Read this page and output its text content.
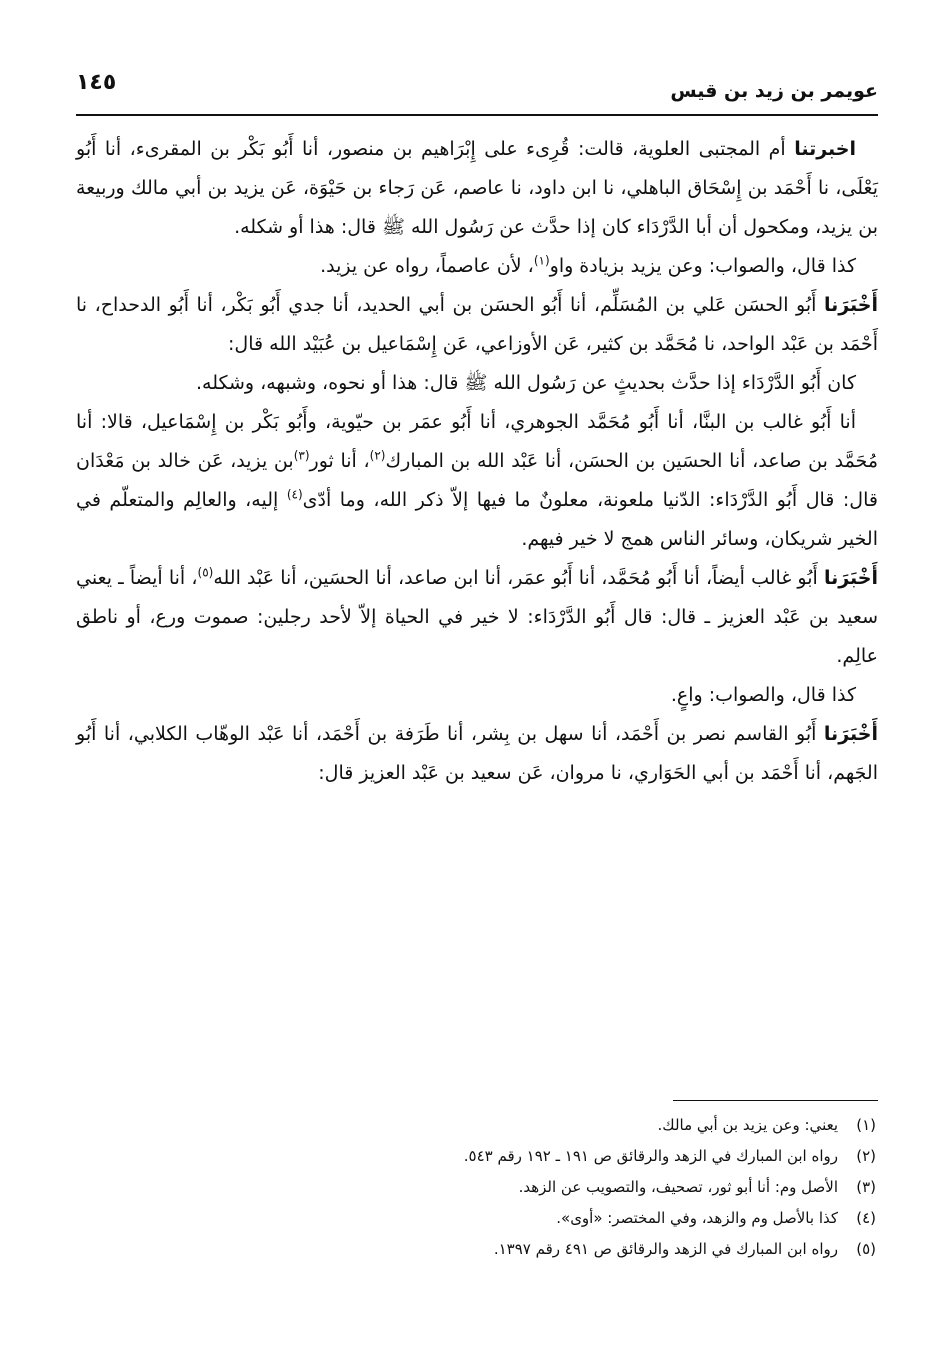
عويمر بن زيد بن قيس
١٤٥

اخبرتنا أم المجتبى العلوية، قالت: قُرِىء على إِبْرَاهيم بن منصور، أنا أَبُو بَكْر بن المقرىء، أنا أَبُو يَعْلَى، نا أَحْمَد بن إِسْحَاق الباهلي، نا ابن داود، نا عاصم، عَن رَجاء بن حَيْوَة، عَن يزيد بن أبي مالك وربيعة بن يزيد، ومكحول أن أبا الدَّرْدَاء كان إذا حدَّث عن رَسُول الله ﷺ قال: هذا أو شكله.

كذا قال، والصواب: وعن يزيد بزيادة واو$^{(١)}$، لأن عاصماً، رواه عن يزيد.

أَخْبَرَنا أَبُو الحسَن عَلي بن المُسَلِّم، أنا أَبُو الحسَن بن أبي الحديد، أنا جدي أَبُو بَكْر، أنا أَبُو الدحداح، نا أَحْمَد بن عَبْد الواحد، نا مُحَمَّد بن كثير، عَن الأوزاعي، عَن إِسْمَاعيل بن عُبَيْد الله قال:

كان أَبُو الدَّرْدَاء إذا حدَّث بحديثٍ عن رَسُول الله ﷺ قال: هذا أو نحوه، وشبهه، وشكله.

أنا أَبُو غالب بن البنَّا، أنا أَبُو مُحَمَّد الجوهري، أنا أَبُو عمَر بن حيّوية، وأَبُو بَكْر بن إِسْمَاعيل، قالا: أنا مُحَمَّد بن صاعد، أنا الحسَين بن الحسَن، أنا عَبْد الله بن المبارك$^{(٢)}$، أنا ثور$^{(٣)}$بن يزيد، عَن خالد بن مَعْدَان قال: قال أَبُو الدَّرْدَاء: الدّنيا ملعونة، معلونٌ ما فيها إلاّ ذكر الله، وما أدّى$^{(٤)}$ إليه، والعالِم والمتعلّم في الخير شريكان، وسائر الناس همج لا خير فيهم.

أَخْبَرَنا أَبُو غالب أيضاً، أنا أَبُو مُحَمَّد، أنا أَبُو عمَر، أنا ابن صاعد، أنا الحسَين، أنا عَبْد الله$^{(٥)}$، أنا أيضاً ـ يعني سعيد بن عَبْد العزيز ـ قال: قال أَبُو الدَّرْدَاء: لا خير في الحياة إلاّ لأحد رجلين: صموت ورع، أو ناطق عالِم.

كذا قال، والصواب: واعٍ.

أَخْبَرَنا أَبُو القاسم نصر بن أَحْمَد، أنا سهل بن بِشر، أنا طَرَفة بن أَحْمَد، أنا عَبْد الوهّاب الكلابي، أنا أَبُو الجَهم، أنا أَحْمَد بن أبي الحَوَاري، نا مروان، عَن سعيد بن عَبْد العزيز قال:

(١)
يعني: وعن يزيد بن أبي مالك.
(٢)
رواه ابن المبارك في الزهد والرقائق ص ١٩١ ـ ١٩٢ رقم ٥٤٣.
(٣)
الأصل وم: أنا أبو ثور، تصحيف، والتصويب عن الزهد.
(٤)
كذا بالأصل وم والزهد، وفي المختصر: «أوى».
(٥)
رواه ابن المبارك في الزهد والرقائق ص ٤٩١ رقم ١٣٩٧.
